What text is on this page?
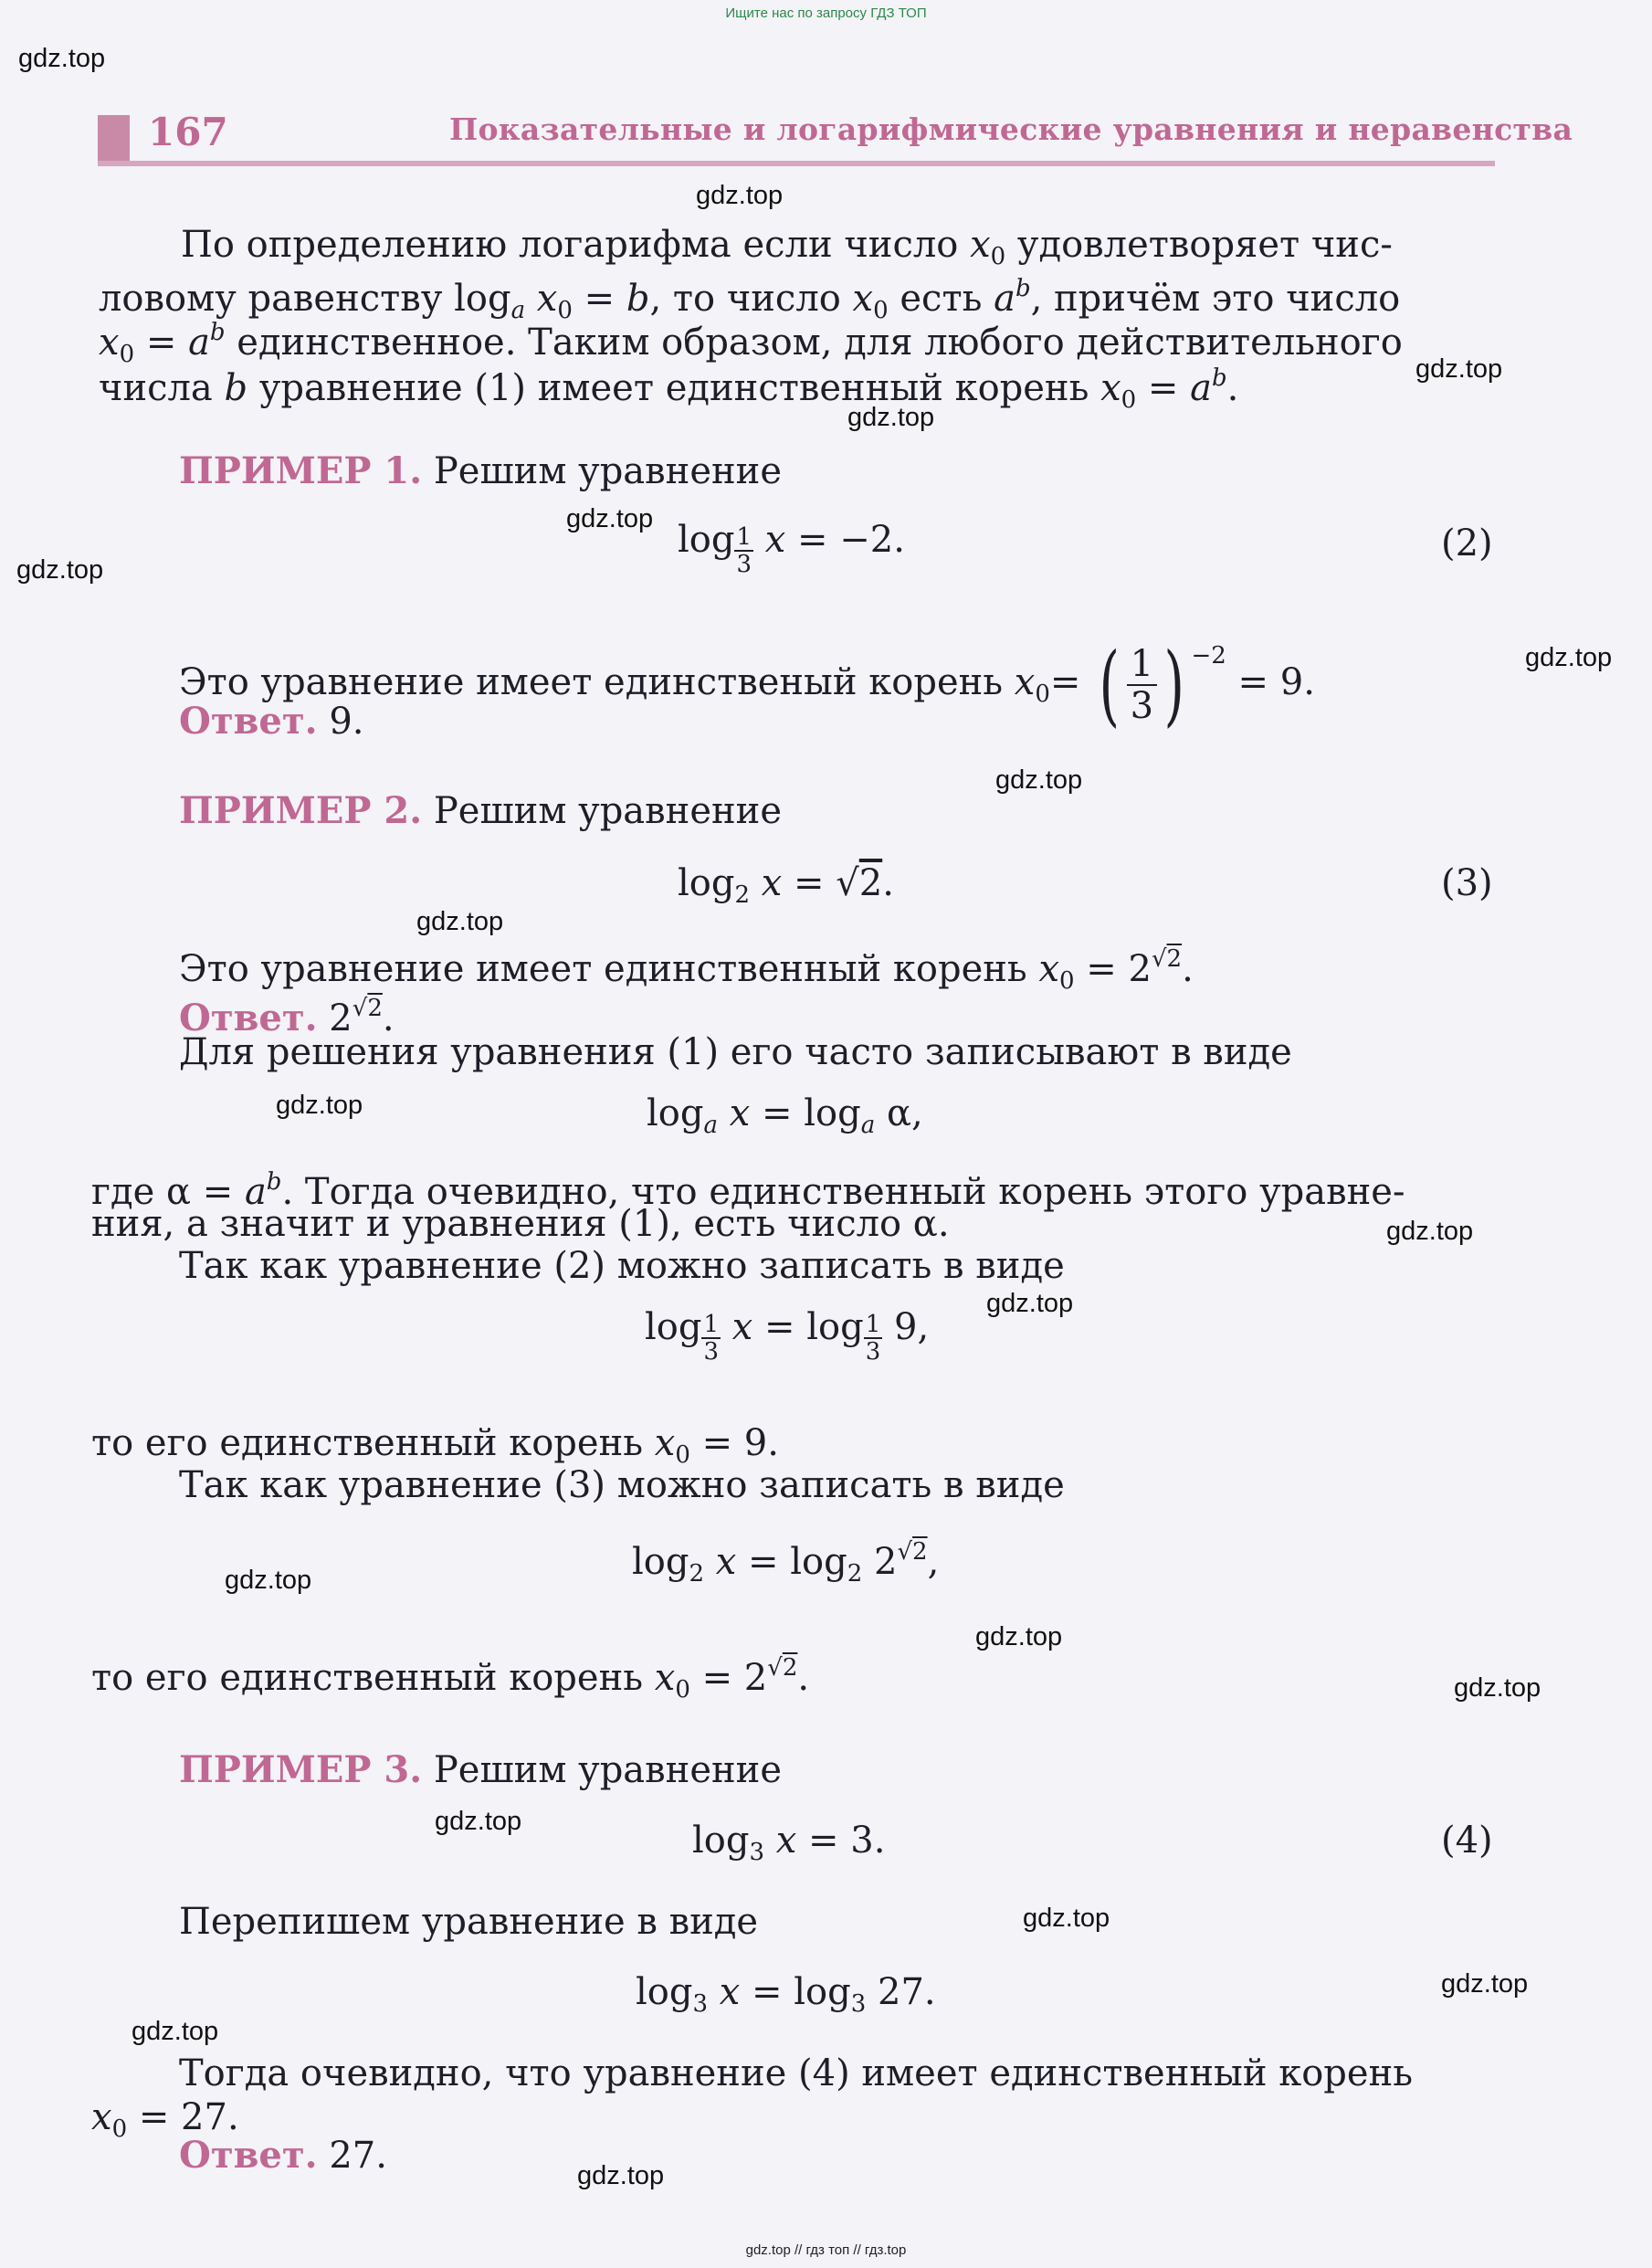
Ищите нас по запросу ГДЗ ТОП
gdz.top // гдз топ // гдз.top
gdz.top
gdz.top
gdz.top
gdz.top
gdz.top
gdz.top
gdz.top
gdz.top
gdz.top
gdz.top
gdz.top
gdz.top
gdz.top
gdz.top
gdz.top
gdz.top
gdz.top
gdz.top
gdz.top
gdz.top
167	Показательные и логарифмические уравнения и неравенства
По определению логарифма если число $x_0$ удовлетворяет чис-
ловому равенству $\log_a x_0 = b$, то число $x_0$ есть $a^b$, причём это число
$x_0 = a^b$ единственное. Таким образом, для любого действительного
числа b уравнение (1) имеет единственный корень $x_0 = a^b$.
ПРИМЕР 1. Решим уравнение
$\log \frac{1}{3}$ x = −2.	(2)
Это уравнение имеет единственый корень $x_0=$ ( $\frac{1}{3}$ ) $^{-2}$ = 9.
Ответ. 9.
ПРИМЕР 2. Решим уравнение
$\log_2 x = √2$.	(3)
Это уравнение имеет единственный корень $x_0 = 2^{√2}$.
Ответ. $2^{√2}$.
Для решения уравнения (1) его часто записывают в виде
$\log_a x = \log_a \alpha$,
где $\alpha = a^b$. Тогда очевидно, что единственный корень этого уравне-
ния, а значит и уравнения (1), есть число α.
Так как уравнение (2) можно записать в виде
$\log \frac{1}{3}$ $x = \log \frac{1}{3} 9$,
то его единственный корень $x_0 = 9$.
Так как уравнение (3) можно записать в виде
$\log_2 x = \log_2 2^{√2}$,
то его единственный корень $x_0 = 2^{√2}$.
ПРИМЕР 3. Решим уравнение
$\log_3 x = 3$.	(4)
Перепишем уравнение в виде
$\log_3 x = \log_3 27$.
Тогда очевидно, что уравнение (4) имеет единственный корень
$x_0 = 27$.
Ответ. 27.
